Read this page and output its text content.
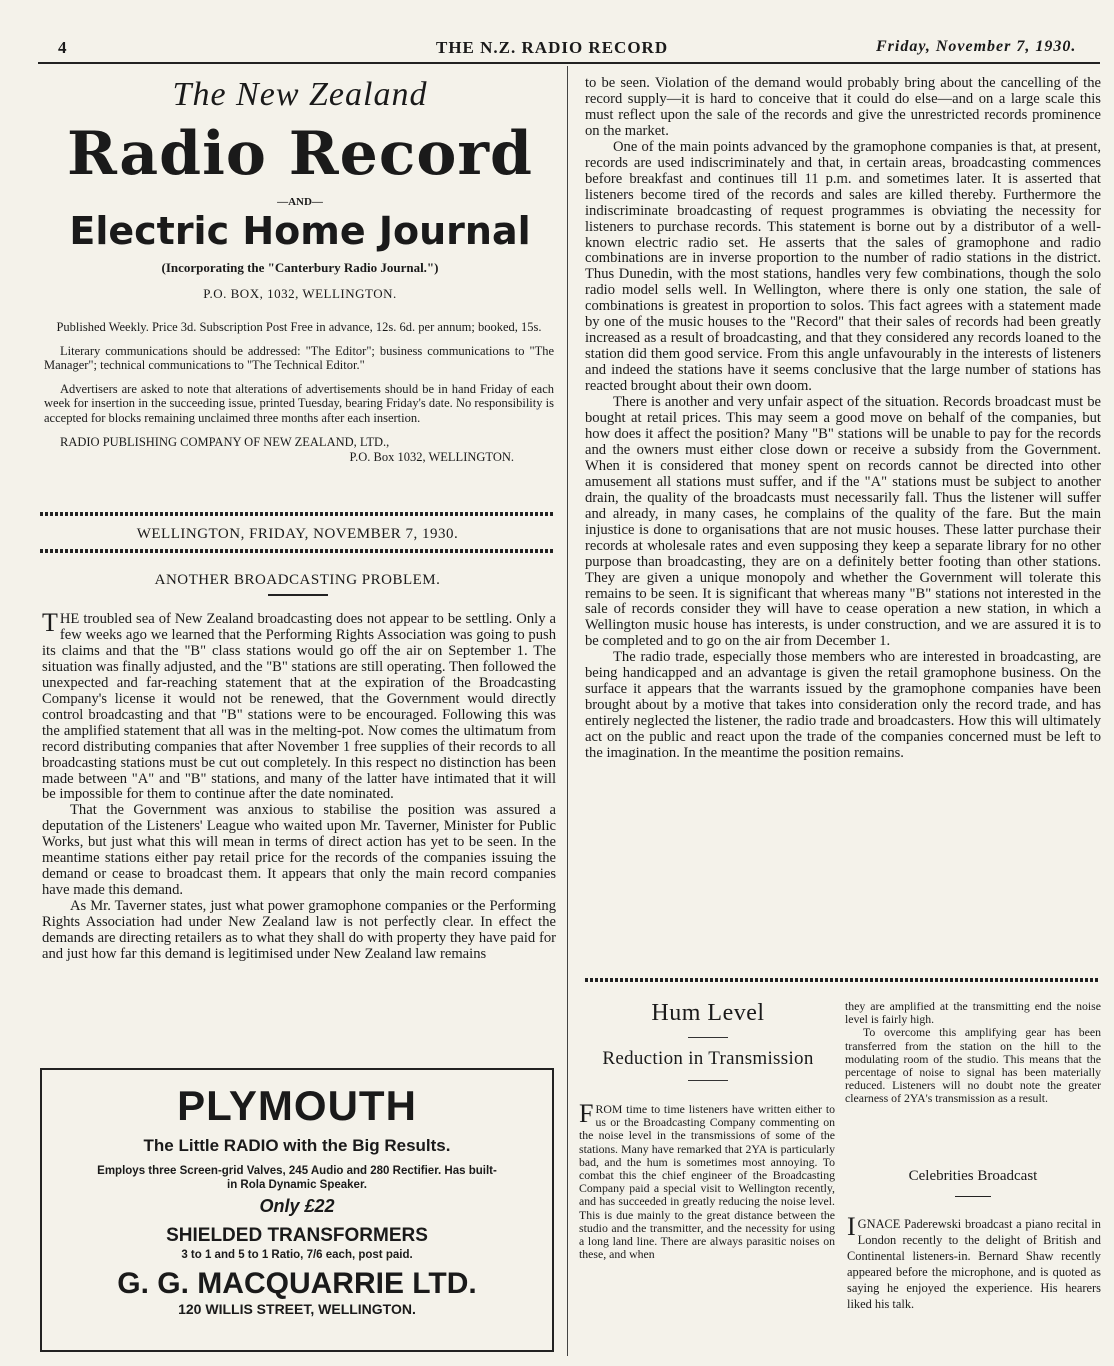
4	THE N.Z. RADIO RECORD	Friday, November 7, 1930.
The New Zealand
Radio Record
—AND—
Electric Home Journal
(Incorporating the "Canterbury Radio Journal.")
P.O. BOX, 1032, WELLINGTON.

Published Weekly. Price 3d. Subscription Post Free in advance, 12s. 6d. per annum; booked, 15s.

Literary communications should be addressed: "The Editor"; business communications to "The Manager"; technical communications to "The Technical Editor."

Advertisers are asked to note that alterations of advertisements should be in hand Friday of each week for insertion in the succeeding issue, printed Tuesday, bearing Friday's date. No responsibility is accepted for blocks remaining unclaimed three months after each insertion.

RADIO PUBLISHING COMPANY OF NEW ZEALAND, LTD.,

P.O. Box 1032, WELLINGTON.

WELLINGTON, FRIDAY, NOVEMBER 7, 1930.
ANOTHER BROADCASTING PROBLEM.

THE troubled sea of New Zealand broadcasting does not appear to be settling. Only a few weeks ago we learned that the Performing Rights Association was going to push its claims and that the "B" class stations would go off the air on September 1. The situation was finally adjusted, and the "B" stations are still operating. Then followed the unexpected and far-reaching statement that at the expiration of the Broadcasting Company's license it would not be renewed, that the Government would directly control broadcasting and that "B" stations were to be encouraged. Following this was the amplified statement that all was in the melting-pot. Now comes the ultimatum from record distributing companies that after November 1 free supplies of their records to all broadcasting stations must be cut out completely. In this respect no distinction has been made between "A" and "B" stations, and many of the latter have intimated that it will be impossible for them to continue after the date nominated.

That the Government was anxious to stabilise the position was assured a deputation of the Listeners' League who waited upon Mr. Taverner, Minister for Public Works, but just what this will mean in terms of direct action has yet to be seen. In the meantime stations either pay retail price for the records of the companies issuing the demand or cease to broadcast them. It appears that only the main record companies have made this demand.

As Mr. Taverner states, just what power gramophone companies or the Performing Rights Association had under New Zealand law is not perfectly clear. In effect the demands are directing retailers as to what they shall do with property they have paid for and just how far this demand is legitimised under New Zealand law remains

PLYMOUTH
The Little RADIO with the Big Results.
Employs three Screen-grid Valves, 245 Audio and 280 Rectifier. Has built-in Rola Dynamic Speaker.
Only £22
SHIELDED TRANSFORMERS
3 to 1 and 5 to 1 Ratio, 7/6 each, post paid.
G. G. MACQUARRIE LTD.
120 WILLIS STREET, WELLINGTON.

to be seen. Violation of the demand would probably bring about the cancelling of the record supply—it is hard to conceive that it could do else—and on a large scale this must reflect upon the sale of the records and give the unrestricted records prominence on the market.

One of the main points advanced by the gramophone companies is that, at present, records are used indiscriminately and that, in certain areas, broadcasting commences before breakfast and continues till 11 p.m. and sometimes later. It is asserted that listeners become tired of the records and sales are killed thereby. Furthermore the indiscriminate broadcasting of request programmes is obviating the necessity for listeners to purchase records. This statement is borne out by a distributor of a well-known electric radio set. He asserts that the sales of gramophone and radio combinations are in inverse proportion to the number of radio stations in the district. Thus Dunedin, with the most stations, handles very few combinations, though the solo radio model sells well. In Wellington, where there is only one station, the sale of combinations is greatest in proportion to solos. This fact agrees with a statement made by one of the music houses to the "Record" that their sales of records had been greatly increased as a result of broadcasting, and that they considered any records loaned to the station did them good service. From this angle unfavourably in the interests of listeners and indeed the stations have it seems conclusive that the large number of stations has reacted brought about their own doom.

There is another and very unfair aspect of the situation. Records broadcast must be bought at retail prices. This may seem a good move on behalf of the companies, but how does it affect the position? Many "B" stations will be unable to pay for the records and the owners must either close down or receive a subsidy from the Government. When it is considered that money spent on records cannot be directed into other amusement all stations must suffer, and if the "A" stations must be subject to another drain, the quality of the broadcasts must necessarily fall. Thus the listener will suffer and already, in many cases, he complains of the quality of the fare. But the main injustice is done to organisations that are not music houses. These latter purchase their records at wholesale rates and even supposing they keep a separate library for no other purpose than broadcasting, they are on a definitely better footing than other stations. They are given a unique monopoly and whether the Government will tolerate this remains to be seen. It is significant that whereas many "B" stations not interested in the sale of records consider they will have to cease operation a new station, in which a Wellington music house has interests, is under construction, and we are assured it is to be completed and to go on the air from December 1.

The radio trade, especially those members who are interested in broadcasting, are being handicapped and an advantage is given the retail gramophone business. On the surface it appears that the warrants issued by the gramophone companies have been brought about by a motive that takes into consideration only the record trade, and has entirely neglected the listener, the radio trade and broadcasters. How this will ultimately act on the public and react upon the trade of the companies concerned must be left to the imagination. In the meantime the position remains.

Hum Level
Reduction in Transmission

FROM time to time listeners have written either to us or the Broadcasting Company commenting on the noise level in the transmissions of some of the stations. Many have remarked that 2YA is particularly bad, and the hum is sometimes most annoying. To combat this the chief engineer of the Broadcasting Company paid a special visit to Wellington recently, and has succeeded in greatly reducing the noise level. This is due mainly to the great distance between the studio and the transmitter, and the necessity for using a long land line. There are always parasitic noises on these, and when

they are amplified at the transmitting end the noise level is fairly high.

To overcome this amplifying gear has been transferred from the station on the hill to the modulating room of the studio. This means that the percentage of noise to signal has been materially reduced. Listeners will no doubt note the greater clearness of 2YA's transmission as a result.

Celebrities Broadcast

IGNACE Paderewski broadcast a piano recital in London recently to the delight of British and Continental listeners-in. Bernard Shaw recently appeared before the microphone, and is quoted as saying he enjoyed the experience. His hearers liked his talk.
